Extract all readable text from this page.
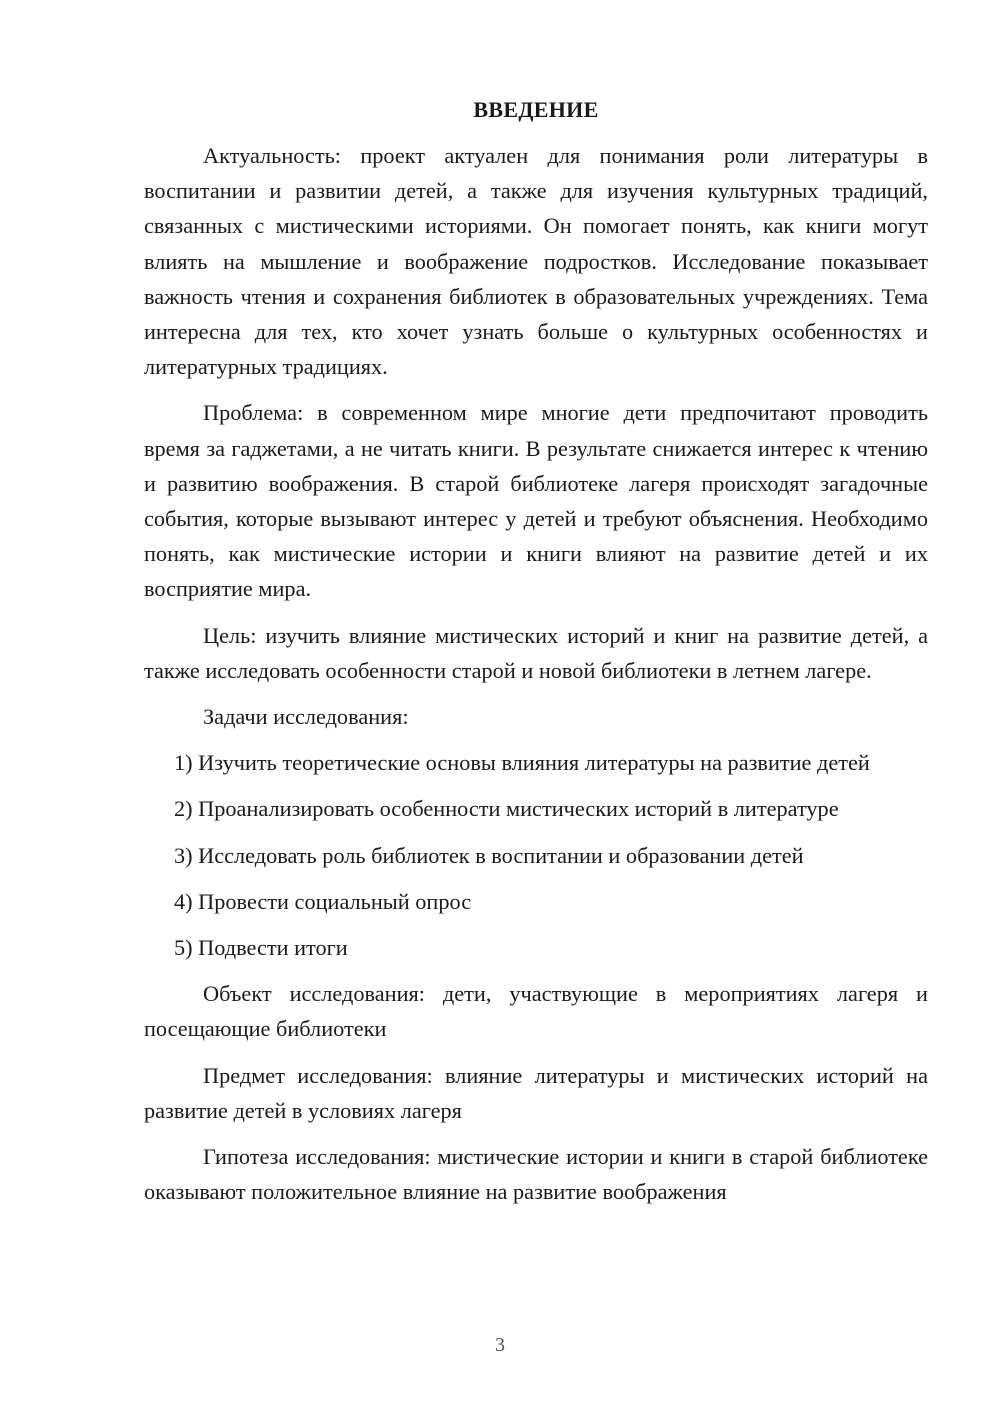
ВВЕДЕНИЕ

Актуальность: проект актуален для понимания роли литературы в воспитании и развитии детей, а также для изучения культурных традиций, связанных с мистическими историями. Он помогает понять, как книги могут влиять на мышление и воображение подростков. Исследование показывает важность чтения и сохранения библиотек в образовательных учреждениях. Тема интересна для тех, кто хочет узнать больше о культурных особенностях и литературных традициях.

Проблема: в современном мире многие дети предпочитают проводить время за гаджетами, а не читать книги. В результате снижается интерес к чтению и развитию воображения. В старой библиотеке лагеря происходят загадочные события, которые вызывают интерес у детей и требуют объяснения. Необходимо понять, как мистические истории и книги влияют на развитие детей и их восприятие мира.

Цель: изучить влияние мистических историй и книг на развитие детей, а также исследовать особенности старой и новой библиотеки в летнем лагере.

Задачи исследования:

1) Изучить теоретические основы влияния литературы на развитие детей

2) Проанализировать особенности мистических историй в литературе

3) Исследовать роль библиотек в воспитании и образовании детей

4) Провести социальный опрос

5) Подвести итоги

Объект исследования: дети, участвующие в мероприятиях лагеря и посещающие библиотеки

Предмет исследования: влияние литературы и мистических историй на развитие детей в условиях лагеря

Гипотеза исследования: мистические истории и книги в старой библиотеке оказывают положительное влияние на развитие воображения

3
